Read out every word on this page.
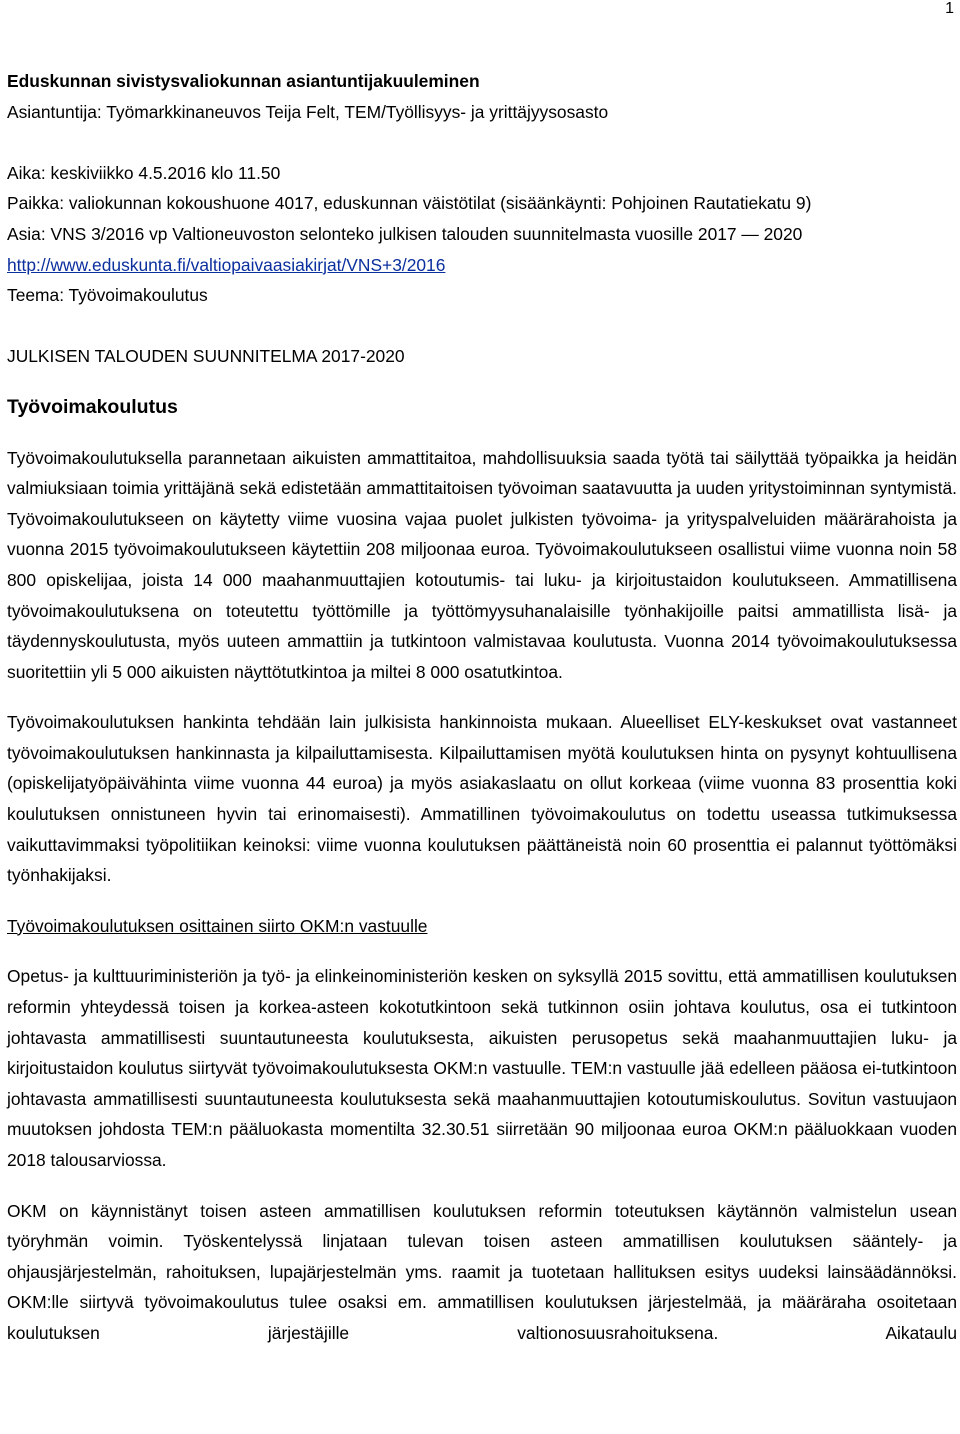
1
Eduskunnan sivistysvaliokunnan asiantuntijakuuleminen
Asiantuntija: Työmarkkinaneuvos Teija Felt, TEM/Työllisyys- ja yrittäjyysosasto
Aika: keskiviikko 4.5.2016 klo 11.50
Paikka: valiokunnan kokoushuone 4017, eduskunnan väistötilat (sisäänkäynti: Pohjoinen Rautatiekatu 9)
Asia: VNS 3/2016 vp Valtioneuvoston selonteko julkisen talouden suunnitelmasta vuosille 2017 — 2020
http://www.eduskunta.fi/valtiopaivaasiakirjat/VNS+3/2016
Teema: Työvoimakoulutus
JULKISEN TALOUDEN SUUNNITELMA 2017-2020
Työvoimakoulutus
Työvoimakoulutuksella parannetaan aikuisten ammattitaitoa, mahdollisuuksia saada työtä tai säilyttää työpaikka ja heidän valmiuksiaan toimia yrittäjänä sekä edistetään ammattitaitoisen työvoiman saatavuutta ja uuden yritystoiminnan syntymistä. Työvoimakoulutukseen on käytetty viime vuosina vajaa puolet julkisten työvoima- ja yrityspalveluiden määrärahoista ja vuonna 2015 työvoimakoulutukseen käytettiin 208 miljoonaa euroa. Työvoimakoulutukseen osallistui viime vuonna noin 58 800 opiskelijaa, joista 14 000 maahanmuuttajien kotoutumis- tai luku- ja kirjoitustaidon koulutukseen. Ammatillisena työvoimakoulutuksena on toteutettu työttömille ja työttömyysuhanalaisille työnhakijoille paitsi ammatillista lisä- ja täydennyskoulutusta, myös uuteen ammattiin ja tutkintoon valmistavaa koulutusta. Vuonna 2014 työvoimakoulutuksessa suoritettiin yli 5 000 aikuisten näyttötutkintoa ja miltei 8 000 osatutkintoa.
Työvoimakoulutuksen hankinta tehdään lain julkisista hankinnoista mukaan. Alueelliset ELY-keskukset ovat vastanneet työvoimakoulutuksen hankinnasta ja kilpailuttamisesta. Kilpailuttamisen myötä koulutuksen hinta on pysynyt kohtuullisena (opiskelijatyöpäivähinta viime vuonna 44 euroa) ja myös asiakaslaatu on ollut korkeaa (viime vuonna 83 prosenttia koki koulutuksen onnistuneen hyvin tai erinomaisesti). Ammatillinen työvoimakoulutus on todettu useassa tutkimuksessa vaikuttavimmaksi työpolitiikan keinoksi: viime vuonna koulutuksen päättäneistä noin 60 prosenttia ei palannut työttömäksi työnhakijaksi.
Työvoimakoulutuksen osittainen siirto OKM:n vastuulle
Opetus- ja kulttuuriministeriön ja työ- ja elinkeinoministeriön kesken on syksyllä 2015 sovittu, että ammatillisen koulutuksen reformin yhteydessä toisen ja korkea-asteen kokotutkintoon sekä tutkinnon osiin johtava koulutus, osa ei tutkintoon johtavasta ammatillisesti suuntautuneesta koulutuksesta, aikuisten perusopetus sekä maahanmuuttajien luku- ja kirjoitustaidon koulutus siirtyvät työvoimakoulutuksesta OKM:n vastuulle. TEM:n vastuulle jää edelleen pääosa ei-tutkintoon johtavasta ammatillisesti suuntautuneesta koulutuksesta sekä maahanmuuttajien kotoutumiskoulutus. Sovitun vastuujaon muutoksen johdosta TEM:n pääluokasta momentilta 32.30.51 siirretään 90 miljoonaa euroa OKM:n pääluokkaan vuoden 2018 talousarviossa.
OKM on käynnistänyt toisen asteen ammatillisen koulutuksen reformin toteutuksen käytännön valmistelun usean työryhmän voimin. Työskentelyssä linjataan tulevan toisen asteen ammatillisen koulutuksen sääntely- ja ohjausjärjestelmän, rahoituksen, lupajärjestelmän yms. raamit ja tuotetaan hallituksen esitys uudeksi lainsäädännöksi. OKM:lle siirtyvä työvoimakoulutus tulee osaksi em. ammatillisen koulutuksen järjestelmää, ja määräraha osoitetaan koulutuksen järjestäjille valtionosuusrahoituksena. Aikataulu
